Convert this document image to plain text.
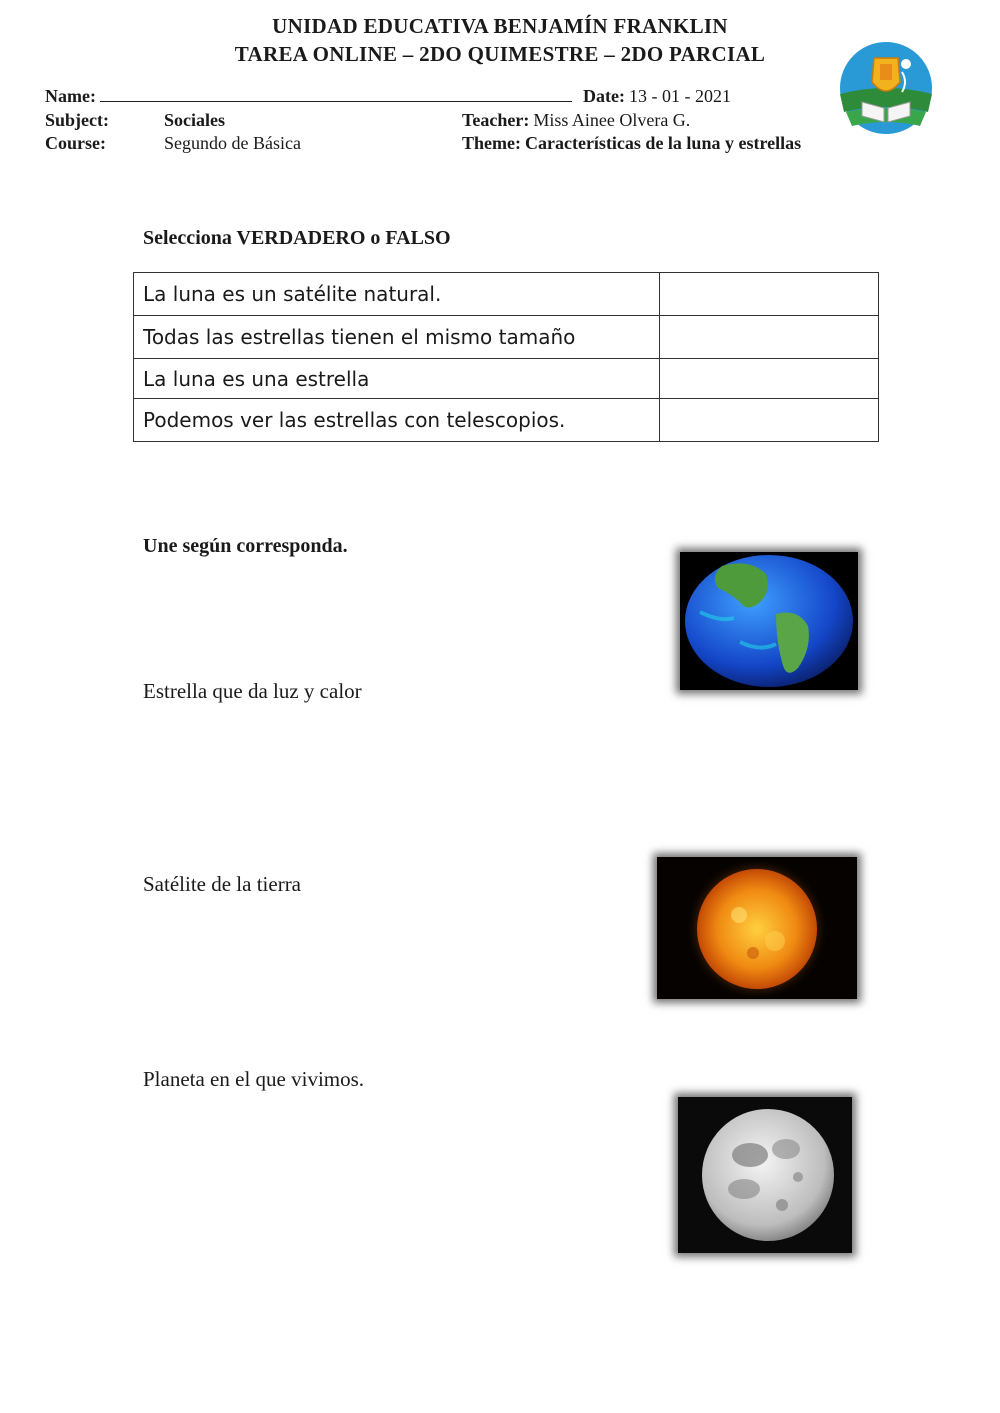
UNIDAD EDUCATIVA BENJAMÍN FRANKLIN
TAREA ONLINE – 2DO QUIMESTRE – 2DO PARCIAL
Name:	Date: 13 - 01 - 2021
Subject:	Sociales	Teacher: Miss Ainee Olvera G.
Course:	Segundo de Básica	Theme: Características de la luna y estrellas
Selecciona VERDADERO o FALSO
La luna es un satélite natural.	
Todas las estrellas tienen el mismo tamaño	
La luna es una estrella	
Podemos ver las estrellas con telescopios.	
Une según corresponda.
Estrella que da luz y calor
Satélite de la tierra
Planeta en el que vivimos.
